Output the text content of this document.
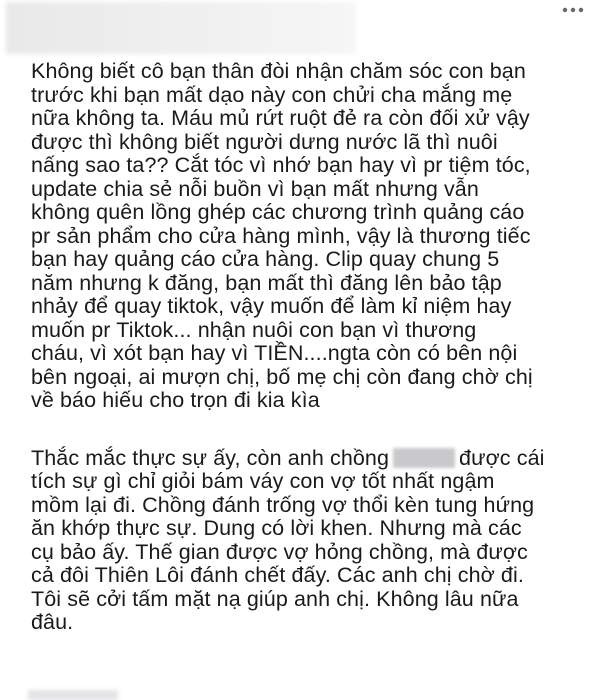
Không biết cô bạn thân đòi nhận chăm sóc con bạn
trước khi bạn mất dạo này con chửi cha mắng mẹ
nữa không ta. Máu mủ rứt ruột đẻ ra còn đối xử vậy
được thì không biết người dưng nước lã thì nuôi
nấng sao ta?? Cắt tóc vì nhớ bạn hay vì pr tiệm tóc,
update chia sẻ nỗi buồn vì bạn mất nhưng vẫn
không quên lồng ghép các chương trình quảng cáo
pr sản phẩm cho cửa hàng mình, vậy là thương tiếc
bạn hay quảng cáo cửa hàng. Clip quay chung 5
năm nhưng k đăng, bạn mất thì đăng lên bảo tập
nhảy để quay tiktok, vậy muốn để làm kỉ niệm hay
muốn pr Tiktok... nhận nuôi con bạn vì thương
cháu, vì xót bạn hay vì TIỀN....ngta còn có bên nội
bên ngoại, ai mượn chị, bố mẹ chị còn đang chờ chị
về báo hiếu cho trọn đi kia kìa

Thắc mắc thực sự ấy, còn anh chồng	được cái
tích sự gì chỉ giỏi bám váy con vợ tốt nhất ngậm
mồm lại đi. Chồng đánh trống vợ thổi kèn tung hứng
ăn khớp thực sự. Dung có lời khen. Nhưng mà các
cụ bảo ấy. Thế gian được vợ hỏng chồng, mà được
cả đôi Thiên Lôi đánh chết đấy. Các anh chị chờ đi.
Tôi sẽ cởi tấm mặt nạ giúp anh chị. Không lâu nữa
đâu.
